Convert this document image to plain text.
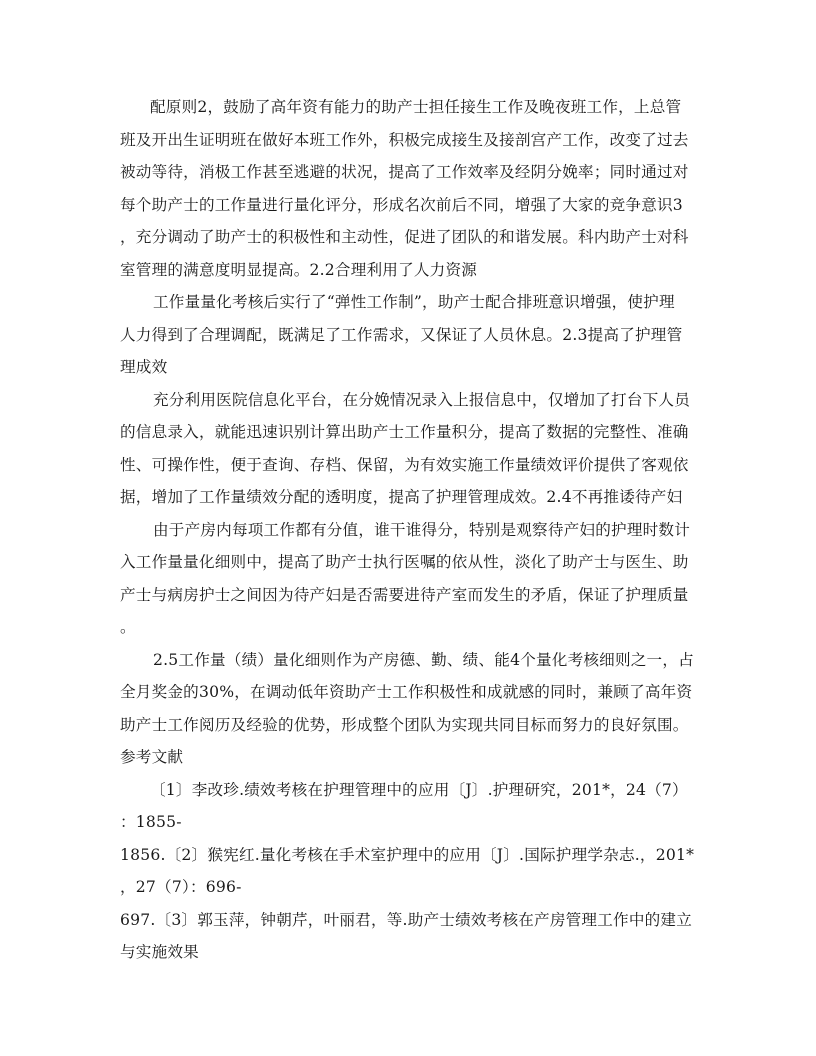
配原则2，鼓励了高年资有能力的助产士担任接生工作及晚夜班工作，上总管
班及开出生证明班在做好本班工作外，积极完成接生及接剖宫产工作，改变了过去
被动等待，消极工作甚至逃避的状况，提高了工作效率及经阴分娩率；同时通过对
每个助产士的工作量进行量化评分，形成名次前后不同，增强了大家的竞争意识3
，充分调动了助产士的积极性和主动性，促进了团队的和谐发展。科内助产士对科
室管理的满意度明显提高。2.2合理利用了人力资源
工作量量化考核后实行了“弹性工作制”，助产士配合排班意识增强，使护理
人力得到了合理调配，既满足了工作需求，又保证了人员休息。2.3提高了护理管
理成效
充分利用医院信息化平台，在分娩情况录入上报信息中，仅增加了打台下人员
的信息录入，就能迅速识别计算出助产士工作量积分，提高了数据的完整性、准确
性、可操作性，便于查询、存档、保留，为有效实施工作量绩效评价提供了客观依
据，增加了工作量绩效分配的透明度，提高了护理管理成效。2.4不再推诿待产妇
由于产房内每项工作都有分值，谁干谁得分，特别是观察待产妇的护理时数计
入工作量量化细则中，提高了助产士执行医嘱的依从性，淡化了助产士与医生、助
产士与病房护士之间因为待产妇是否需要进待产室而发生的矛盾，保证了护理质量
。
2.5工作量（绩）量化细则作为产房德、勤、绩、能4个量化考核细则之一，占
全月奖金的30%，在调动低年资助产士工作积极性和成就感的同时，兼顾了高年资
助产士工作阅历及经验的优势，形成整个团队为实现共同目标而努力的良好氛围。
参考文献
〔1〕李改珍.绩效考核在护理管理中的应用〔J〕.护理研究，201*，24（7）
：1855-
1856.〔2〕猴宪红.量化考核在手术室护理中的应用〔J〕.国际护理学杂志.，201*
，27（7）：696-
697.〔3〕郭玉萍，钟朝芹，叶丽君，等.助产士绩效考核在产房管理工作中的建立
与实施效果
